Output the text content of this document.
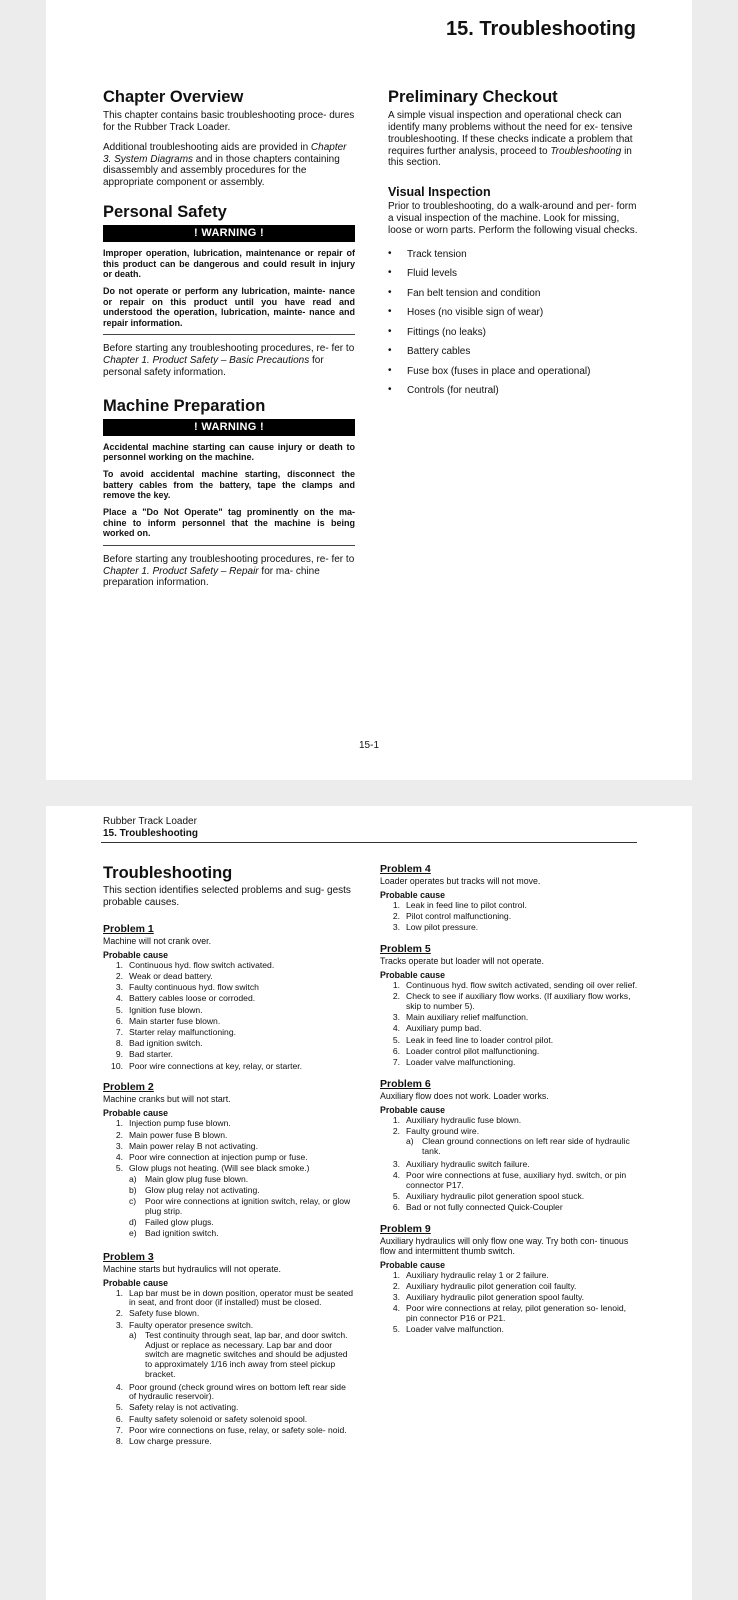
15. Troubleshooting
Chapter Overview

This chapter contains basic troubleshooting proce- dures for the Rubber Track Loader.

Additional troubleshooting aids are provided in Chapter 3. System Diagrams and in those chapters containing disassembly and assembly procedures for the appropriate component or assembly.

Personal Safety
! WARNING !

Improper operation, lubrication, maintenance or repair of this product can be dangerous and could result in injury or death.

Do not operate or perform any lubrication, mainte- nance or repair on this product until you have read and understood the operation, lubrication, mainte- nance and repair information.

Before starting any troubleshooting procedures, re- fer to Chapter 1. Product Safety – Basic Precautions for personal safety information.

Machine Preparation
! WARNING !

Accidental machine starting can cause injury or death to personnel working on the machine.

To avoid accidental machine starting, disconnect the battery cables from the battery, tape the clamps and remove the key.

Place a "Do Not Operate" tag prominently on the ma- chine to inform personnel that the machine is being worked on.

Before starting any troubleshooting procedures, re- fer to Chapter 1. Product Safety – Repair for ma- chine preparation information.

Preliminary Checkout

A simple visual inspection and operational check can identify many problems without the need for ex- tensive troubleshooting. If these checks indicate a problem that requires further analysis, proceed to Troubleshooting in this section.

Visual Inspection

Prior to troubleshooting, do a walk-around and per- form a visual inspection of the machine. Look for missing, loose or worn parts. Perform the following visual checks.

• Track tension
• Fluid levels
• Fan belt tension and condition
• Hoses (no visible sign of wear)
• Fittings (no leaks)
• Battery cables
• Fuse box (fuses in place and operational)
• Controls (for neutral)
15-1
Rubber Track Loader
15. Troubleshooting
Troubleshooting

This section identifies selected problems and sug- gests probable causes.

Problem 1
Machine will not crank over.
Probable cause
1. Continuous hyd. flow switch activated.
2. Weak or dead battery.
3. Faulty continuous hyd. flow switch
4. Battery cables loose or corroded.
5. Ignition fuse blown.
6. Main starter fuse blown.
7. Starter relay malfunctioning.
8. Bad ignition switch.
9. Bad starter.
10. Poor wire connections at key, relay, or starter.
Problem 2
Machine cranks but will not start.
Probable cause
1. Injection pump fuse blown.
2. Main power fuse B blown.
3. Main power relay B not activating.
4. Poor wire connection at injection pump or fuse.
5. Glow plugs not heating. (Will see black smoke.)
a) Main glow plug fuse blown.
b) Glow plug relay not activating.
c)	Poor wire connections at ignition switch, relay, or glow plug strip.
d) Failed glow plugs.
e) Bad ignition switch.
Problem 3
Machine starts but hydraulics will not operate.
Probable cause
1. Lap bar must be in down position, operator must be seated in seat, and front door (if installed) must be closed.
2. Safety fuse blown.
3. Faulty operator presence switch.
a) Test continuity through seat, lap bar, and door switch. Adjust or replace as necessary. Lap bar and door switch are magnetic switches and should be adjusted to approximately 1/16 inch away from steel pickup bracket.
4. Poor ground (check ground wires on bottom left rear side of hydraulic reservoir).
5. Safety relay is not activating.
6. Faulty safety solenoid or safety solenoid spool.
7. Poor wire connections on fuse, relay, or safety sole- noid.
8. Low charge pressure.
Problem 4
Loader operates but tracks will not move.
Probable cause
1. Leak in feed line to pilot control.
2. Pilot control malfunctioning.
3. Low pilot pressure.
Problem 5
Tracks operate but loader will not operate.
Probable cause
1. Continuous hyd. flow switch activated, sending oil over relief.
2. Check to see if auxiliary flow works. (If auxiliary flow works, skip to number 5).
3. Main auxiliary relief malfunction.
4. Auxiliary pump bad.
5. Leak in feed line to loader control pilot.
6. Loader control pilot malfunctioning.
7. Loader valve malfunctioning.
Problem 6
Auxiliary flow does not work. Loader works.
Probable cause
1. Auxiliary hydraulic fuse blown.
2. Faulty ground wire.
a) Clean ground connections on left rear side of hydraulic tank.
3. Auxiliary hydraulic switch failure.
4. Poor wire connections at fuse, auxiliary hyd. switch, or pin connector P17.
5. Auxiliary hydraulic pilot generation spool stuck.
6. Bad or not fully connected Quick-Coupler
Problem 9
Auxiliary hydraulics will only flow one way. Try both con- tinuous flow and intermittent thumb switch.
Probable cause
1. Auxiliary hydraulic relay 1 or 2 failure.
2. Auxiliary hydraulic pilot generation coil faulty.
3. Auxiliary hydraulic pilot generation spool faulty.
4. Poor wire connections at relay, pilot generation so- lenoid, pin connector P16 or P21.
5. Loader valve malfunction.
